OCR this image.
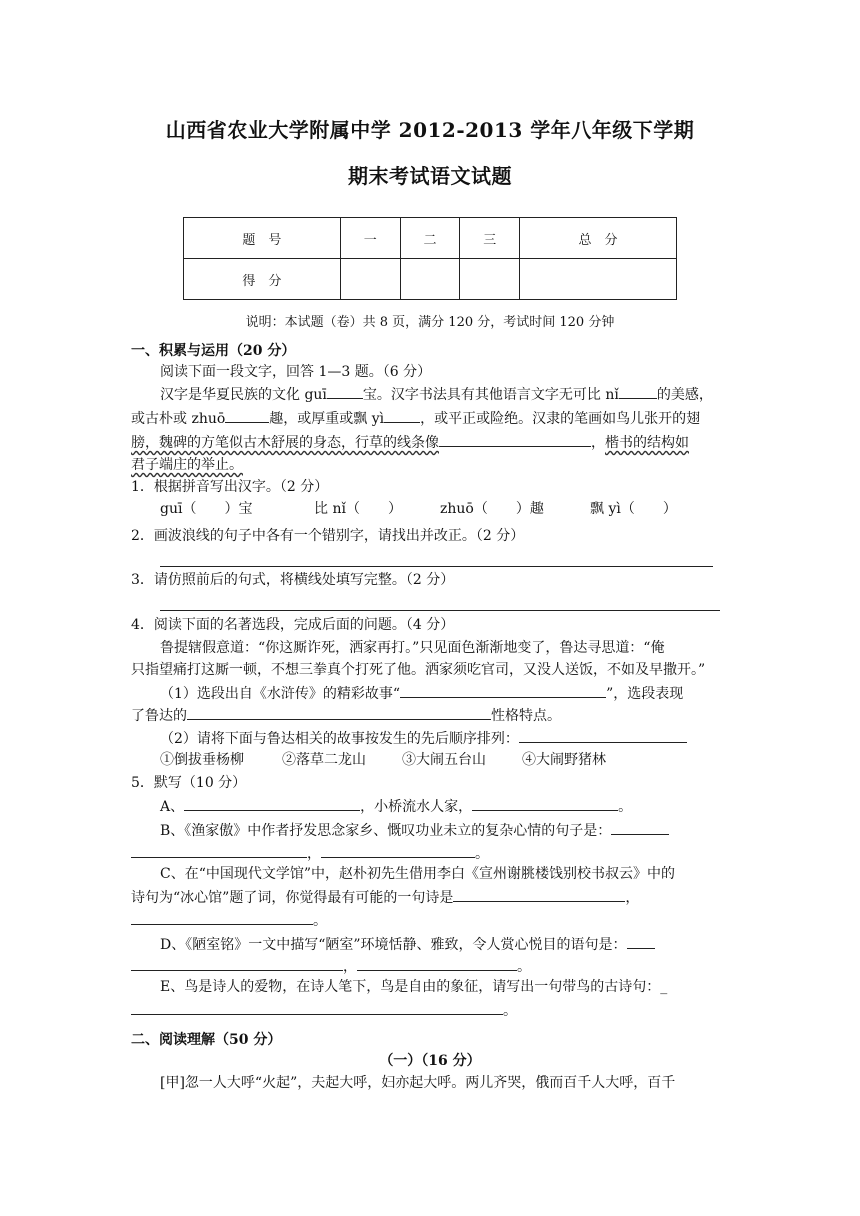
山西省农业大学附属中学 2012-2013 学年八年级下学期
期末考试语文试题
题　号	一	二	三	总　分
得　分				
说明：本试题（卷）共 8 页，满分 120 分，考试时间 120 分钟
一、积累与运用（20 分）
阅读下面一段文字，回答 1—3 题。（6 分）
汉字是华夏民族的文化 guī	宝。汉字书法具有其他语言文字无可比 nǐ	的美感，
或古朴或 zhuō	趣，或厚重或飘 yì	，或平正或险绝。汉隶的笔画如鸟儿张开的翅
膀，魏碑的方笔似古木舒展的身态，行草的线条像	，楷书的结构如
君子端庄的举止。
1．根据拼音写出汉字。（2 分）
guī（　　）宝	比 nǐ（　　）	zhuō（　　）趣	飘 yì（　　）
2．画波浪线的句子中各有一个错别字，请找出并改正。（2 分）
3．请仿照前后的句式，将横线处填写完整。（2 分）
4．阅读下面的名著选段，完成后面的问题。（4 分）
鲁提辖假意道：“你这厮诈死，洒家再打。”只见面色渐渐地变了，鲁达寻思道：“俺
只指望痛打这厮一顿，不想三拳真个打死了他。洒家须吃官司，又没人送饭，不如及早撒开。”
（1）选段出自《水浒传》的精彩故事“	”，选段表现
了鲁达的	性格特点。
（2）请将下面与鲁达相关的故事按发生的先后顺序排列：
①倒拔垂杨柳	②落草二龙山	③大闹五台山	④大闹野猪林
5．默写（10 分）
A、	，小桥流水人家，	。
B、《渔家傲》中作者抒发思念家乡、慨叹功业未立的复杂心情的句子是：
，	。
C、在“中国现代文学馆”中，赵朴初先生借用李白《宣州谢脁楼饯别校书叔云》中的
诗句为“冰心馆”题了词，你觉得最有可能的一句诗是	，
。
D、《陋室铭》一文中描写“陋室”环境恬静、雅致，令人赏心悦目的语句是：
，	。
E、鸟是诗人的爱物，在诗人笔下，鸟是自由的象征，请写出一句带鸟的古诗句：_
。
二、阅读理解（50 分）
（一）（16 分）
[甲]忽一人大呼“火起”，夫起大呼，妇亦起大呼。两儿齐哭，俄而百千人大呼，百千
